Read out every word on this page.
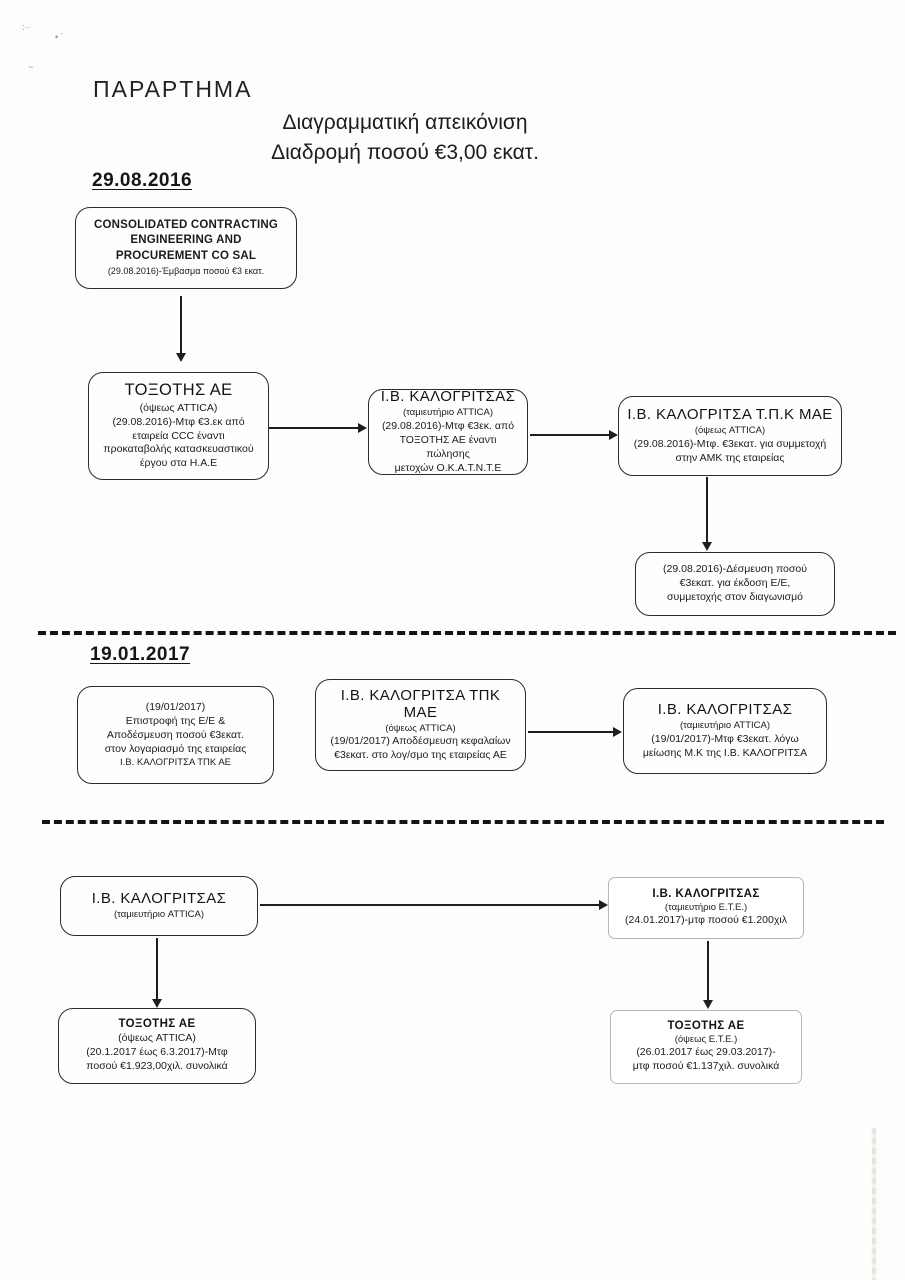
:··
• ´
~
ΠΑΡΑΡΤΗΜΑ
Διαγραμματική απεικόνιση
Διαδρομή ποσού €3,00 εκατ.
29.08.2016
CONSOLIDATED CONTRACTING
ENGINEERING AND
PROCUREMENT CO SAL
(29.08.2016)-Έμβασμα ποσού €3 εκατ.
ΤΟΞΟΤΗΣ ΑΕ
(όψεως ATTICA)
(29.08.2016)-Μτφ €3.εκ από
εταιρεία CCC έναντι
προκαταβολής κατασκευαστικού
έργου στα Η.Α.Ε
Ι.Β. ΚΑΛΟΓΡΙΤΣΑΣ
(ταμιευτήριο ATTICA)
(29.08.2016)-Μτφ €3εκ. από
ΤΟΞΟΤΗΣ ΑΕ έναντι πώλησης
μετοχών Ο.Κ.Α.Τ.Ν.Τ.Ε
Ι.Β. ΚΑΛΟΓΡΙΤΣΑ Τ.Π.Κ ΜΑΕ
(όψεως ATTICA)
(29.08.2016)-Μτφ. €3εκατ. για συμμετοχή
στην ΑΜΚ της εταιρείας
(29.08.2016)-Δέσμευση ποσού
€3εκατ. για έκδοση Ε/Ε,
συμμετοχής στον διαγωνισμό
19.01.2017
(19/01/2017)
Επιστροφή της Ε/Ε &
Αποδέσμευση ποσού €3εκατ.
στον λογαριασμό της εταιρείας
Ι.Β. ΚΑΛΟΓΡΙΤΣΑ ΤΠΚ ΑΕ
Ι.Β. ΚΑΛΟΓΡΙΤΣΑ ΤΠΚ ΜΑΕ
(όψεως ATTICA)
(19/01/2017) Αποδέσμευση κεφαλαίων
€3εκατ. στο λογ/σμο της εταιρείας ΑΕ
Ι.Β. ΚΑΛΟΓΡΙΤΣΑΣ
(ταμιευτήριο ATTICA)
(19/01/2017)-Μτφ €3εκατ. λόγω
μείωσης Μ.Κ της Ι.Β. ΚΑΛΟΓΡΙΤΣΑ
Ι.Β. ΚΑΛΟΓΡΙΤΣΑΣ
(ταμιευτήριο ATTICA)
Ι.Β. ΚΑΛΟΓΡΙΤΣΑΣ
(ταμιευτήριο Ε.Τ.Ε.)
(24.01.2017)-μτφ ποσού €1.200χιλ
ΤΟΞΟΤΗΣ ΑΕ
(όψεως ATTICA)
(20.1.2017 έως 6.3.2017)-Μτφ
ποσού €1.923,00χιλ. συνολικά
ΤΟΞΟΤΗΣ ΑΕ
(όψεως Ε.Τ.Ε.)
(26.01.2017 έως 29.03.2017)-
μτφ ποσού €1.137χιλ. συνολικά
